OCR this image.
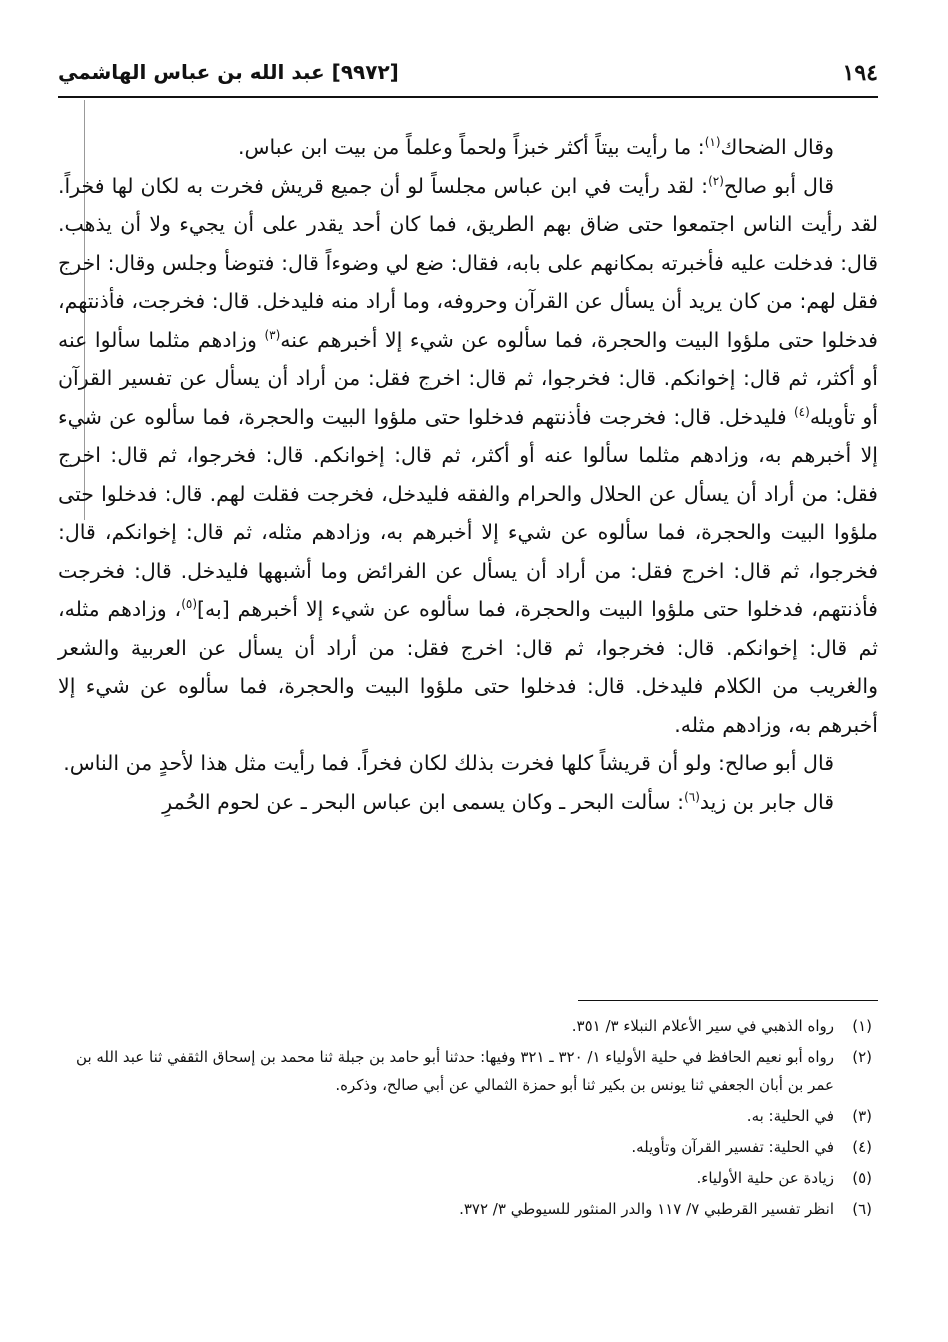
١٩٤
[٩٩٧٢] عبد الله بن عباس الهاشمي

وقال الضحاك$^{(١)}$: ما رأيت بيتاً أكثر خبزاً ولحماً وعلماً من بيت ابن عباس.

قال أبو صالح$^{(٢)}$: لقد رأيت في ابن عباس مجلساً لو أن جميع قريش فخرت به لكان لها فخراً. لقد رأيت الناس اجتمعوا حتى ضاق بهم الطريق، فما كان أحد يقدر على أن يجيء ولا أن يذهب. قال: فدخلت عليه فأخبرته بمكانهم على بابه، فقال: ضع لي وضوءاً قال: فتوضأ وجلس وقال: اخرج فقل لهم: من كان يريد أن يسأل عن القرآن وحروفه، وما أراد منه فليدخل. قال: فخرجت، فأذنتهم، فدخلوا حتى ملؤوا البيت والحجرة، فما سألوه عن شيء إلا أخبرهم عنه$^{(٣)}$ وزادهم مثلما سألوا عنه أو أكثر، ثم قال: إخوانكم. قال: فخرجوا، ثم قال: اخرج فقل: من أراد أن يسأل عن تفسير القرآن أو تأويله$^{(٤)}$ فليدخل. قال: فخرجت فأذنتهم فدخلوا حتى ملؤوا البيت والحجرة، فما سألوه عن شيء إلا أخبرهم به، وزادهم مثلما سألوا عنه أو أكثر، ثم قال: إخوانكم. قال: فخرجوا، ثم قال: اخرج فقل: من أراد أن يسأل عن الحلال والحرام والفقه فليدخل، فخرجت فقلت لهم. قال: فدخلوا حتى ملؤوا البيت والحجرة، فما سألوه عن شيء إلا أخبرهم به، وزادهم مثله، ثم قال: إخوانكم، قال: فخرجوا، ثم قال: اخرج فقل: من أراد أن يسأل عن الفرائض وما أشبهها فليدخل. قال: فخرجت فأذنتهم، فدخلوا حتى ملؤوا البيت والحجرة، فما سألوه عن شيء إلا أخبرهم [به]$^{(٥)}$، وزادهم مثله، ثم قال: إخوانكم. قال: فخرجوا، ثم قال: اخرج فقل: من أراد أن يسأل عن العربية والشعر والغريب من الكلام فليدخل. قال: فدخلوا حتى ملؤوا البيت والحجرة، فما سألوه عن شيء إلا أخبرهم به، وزادهم مثله.

قال أبو صالح: ولو أن قريشاً كلها فخرت بذلك لكان فخراً. فما رأيت مثل هذا لأحدٍ من الناس.

قال جابر بن زيد$^{(٦)}$: سألت البحر ـ وكان يسمى ابن عباس البحر ـ عن لحوم الحُمرِ

(١)
رواه الذهبي في سير الأعلام النبلاء ٣/ ٣٥١.
(٢)
رواه أبو نعيم الحافظ في حلية الأولياء ١/ ٣٢٠ ـ ٣٢١ وفيها: حدثنا أبو حامد بن جبلة ثنا محمد بن إسحاق الثقفي ثنا عبد الله بن عمر بن أبان الجعفي ثنا يونس بن بكير ثنا أبو حمزة الثمالي عن أبي صالح، وذكره.
(٣)
في الحلية: به.
(٤)
في الحلية: تفسير القرآن وتأويله.
(٥)
زيادة عن حلية الأولياء.
(٦)
انظر تفسير القرطبي ٧/ ١١٧ والدر المنثور للسيوطي ٣/ ٣٧٢.
